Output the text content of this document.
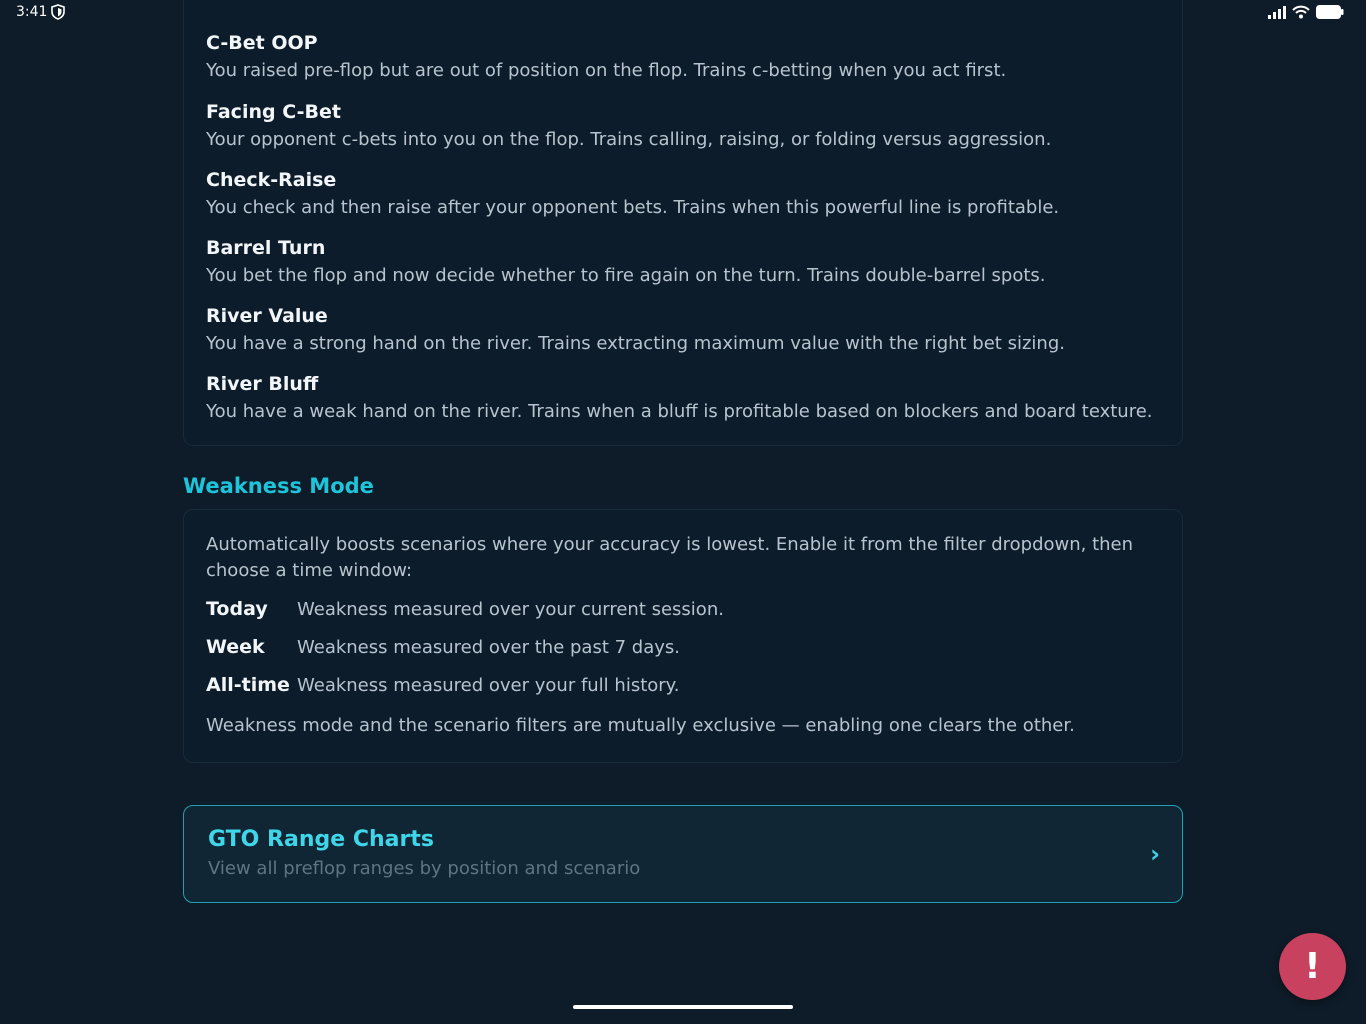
3:41
C-Bet OOP
You raised pre-flop but are out of position on the flop. Trains c-betting when you act first.
Facing C-Bet
Your opponent c-bets into you on the flop. Trains calling, raising, or folding versus aggression.
Check-Raise
You check and then raise after your opponent bets. Trains when this powerful line is profitable.
Barrel Turn
You bet the flop and now decide whether to fire again on the turn. Trains double-barrel spots.
River Value
You have a strong hand on the river. Trains extracting maximum value with the right bet sizing.
River Bluff
You have a weak hand on the river. Trains when a bluff is profitable based on blockers and board texture.
Weakness Mode
Automatically boosts scenarios where your accuracy is lowest. Enable it from the filter dropdown, then choose a time window:
Today	Weakness measured over your current session.
Week	Weakness measured over the past 7 days.
All-time Weakness measured over your full history.
Weakness mode and the scenario filters are mutually exclusive — enabling one clears the other.
GTO Range Charts
View all preflop ranges by position and scenario
›
!
